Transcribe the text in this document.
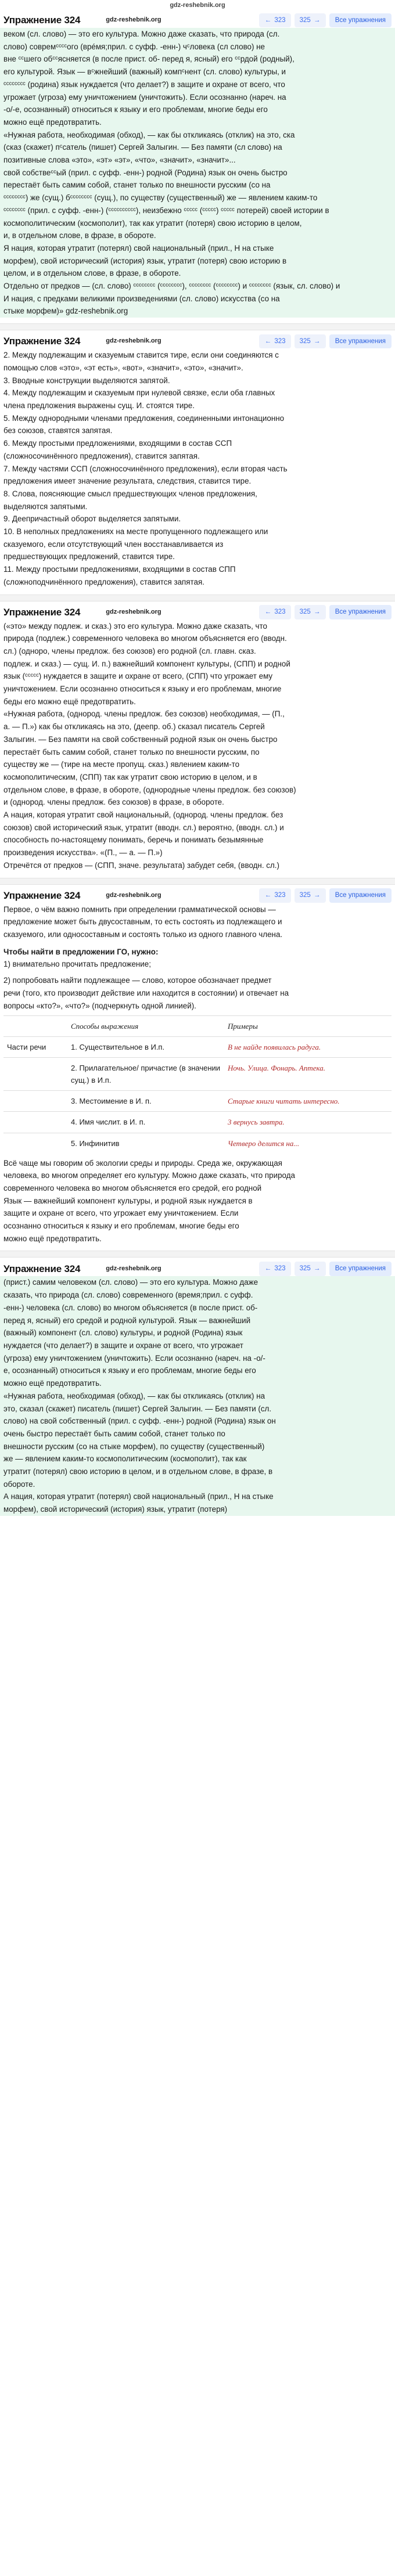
gdz-reshebnik.org
Упражнение 324	gdz-reshebnik.org	← 323 325 →	Все упражнения

веком (сл. слово) — это его культура. Можно даже сказать, что природа (сл.

слово) совремᶜᶜᶜᶜого (врéмя;прил. с суфф. -енн-) чᶜловека (сл слово) не

вне ᶜᶜшего обᶜᶜясняется (в после прист. об- перед я, ясный) его ᶜᶜрдой (родный),

его культурой. Язык — вᶜжнейший (важный) компᶜнент (сл. слово) культуры, и

ᶜᶜᶜᶜᶜᶜᶜᶜ (родина) язык нуждается (что делает?) в защите и охране от всего, что

угрожает (угроза) ему уничтожением (уничтожить). Если осознанно (нареч. на

-о/-е, осознанный) относиться к языку и его проблемам, многие беды его

можно ещё предотвратить.

«Нужная работа, необходимая (обход), — как бы откликаясь (отклик) на это, ска

(сказ (скажет) пᶜсатель (пишет) Сергей Залыгин. — Без памяти (сл слово) на

позитивные слова «это», «эт» «эт», «что», «значит», «значит»...

свой собствеᶜᶜый (прил. с суфф. -енн-) родной (Родина) язык он очень быстро

перестаёт быть самим собой, станет только по внешности русским (со на

ᶜᶜᶜᶜᶜᶜᶜᶜ) же (сущ.) бᶜᶜᶜᶜᶜᶜᶜᶜ (сущ.), по существу (существенный) же — явлением каким-то

ᶜᶜᶜᶜᶜᶜᶜᶜ (прил. с суфф. -енн-) (ᶜᶜᶜᶜᶜᶜᶜᶜᶜᶜ), неизбежно ᶜᶜᶜᶜᶜ (ᶜᶜᶜᶜᶜ) ᶜᶜᶜᶜᶜ потерей) своей истории в

космополитическим (космополит), так как утратит (потеря) свою историю в целом,

и, в отдельном слове, в фразе, в обороте.

Я нация, которая утратит (потерял) свой национальный (прил., Н на стыке

морфем), свой исторический (история) язык, утратит (потеря) свою историю в

целом, и в отдельном слове, в фразе, в обороте.

Отдельно от предков — (сл. слово) ᶜᶜᶜᶜᶜᶜᶜᶜ (ᶜᶜᶜᶜᶜᶜᶜᶜ), ᶜᶜᶜᶜᶜᶜᶜᶜ (ᶜᶜᶜᶜᶜᶜᶜᶜ) и ᶜᶜᶜᶜᶜᶜᶜᶜ (язык, сл. слово) и

И нация, с предками великими произведениями (сл. слово) искусства (со на

стыке морфем)» gdz-reshebnik.org

Упражнение 324	gdz-reshebnik.org	← 323 325 →	Все упражнения

2. Между подлежащим и сказуемым ставится тире, если они соединяются с

помощью слов «это», «эт есть», «вот», «значит», «это», «значит».

3. Вводные конструкции выделяются запятой.

4. Между подлежащим и сказуемым при нулевой связке, если оба главных

члена предложения выражены сущ. И. стоятся тире.

5. Между однородными членами предложения, соединенными интонационно

без союзов, ставятся запятая.

6. Между простыми предложениями, входящими в состав ССП

(сложносочинённого предложения), ставится запятая.

7. Между частями ССП (сложносочинённого предложения), если вторая часть

предложения имеет значение результата, следствия, ставится тире.

8. Слова, поясняющие смысл предшествующих членов предложения,

выделяются запятыми.

9. Деепричастный оборот выделяется запятыми.

10. В неполных предложениях на месте пропущенного подлежащего или

сказуемого, если отсутствующий член восстанавливается из

предшествующих предложений, ставится тире.

11. Между простыми предложениями, входящими в состав СПП

(сложноподчинённого предложения), ставится запятая.

Упражнение 324	gdz-reshebnik.org	← 323 325 →	Все упражнения

(«это» между подлеж. и сказ.) это его культура. Можно даже сказать, что

природа (подлеж.) современного человека во многом объясняется его (вводн.

сл.) (одноро, члены предлож. без союзов) его родной (сл. главн. сказ.

подлеж. и сказ.) — сущ. И. п.) важнейший компонент культуры, (СПП) и родной

язык (ᶜᶜᶜᶜᶜ) нуждается в защите и охране от всего, (СПП) что угрожает ему

уничтожением. Если осознанно относиться к языку и его проблемам, многие

беды его можно ещё предотвратить.

«Нужная работа, (однород. члены предлож. без союзов) необходимая, — (П.,

а. — П.») как бы откликаясь на это, (деепр. об.) сказал писатель Сергей

Залыгин. — Без памяти на свой собственный родной язык он очень быстро

перестаёт быть самим собой, станет только по внешности русским, по

существу же — (тире на месте пропущ. сказ.) явлением каким-то

космополитическим, (СПП) так как утратит свою историю в целом, и в

отдельном слове, в фразе, в обороте, (однородные члены предлож. без союзов)

и (однород. члены предлож. без союзов) в фразе, в обороте.

А нация, которая утратит свой национальный, (однород. члены предлож. без

союзов) свой исторический язык, утратит (вводн. сл.) вероятно, (вводн. сл.) и

способность по-настоящему понимать, беречь и понимать безымянные

произведения искусства». «(П., — а. — П.»)

Отречётся от предков — (СПП, значе. результата) забудет себя, (вводн. сл.)

Упражнение 324	gdz-reshebnik.org	← 323 325 →	Все упражнения

Первое, о чём важно помнить при определении грамматической основы —

предложение может быть двусоставным, то есть состоять из подлежащего и

сказуемого, или односоставным и состоять только из одного главного члена.

Чтобы найти в предложении ГО, нужно:

1) внимательно прочитать предложение;

2) попробовать найти подлежащее — слово, которое обозначает предмет

речи (того, кто производит действие или находится в состоянии) и отвечает на

вопросы «кто?», «что?» (подчеркнуть одной линией).

	Способы выражения	Примеры
Части речи	1. Существительное в И.п.	В не найде появилась радуга.
	2. Прилагательное/ причастие (в значении сущ.) в И.п.	Ночь. Улица. Фонарь. Аптека.
	3. Местоимение в И. п.	Старые книги читать интересно.
	4. Имя числит. в И. п.	3 вернусь завтра.
	5. Инфинитив	Четверо делится на...

Всё чаще мы говорим об экологии среды и природы. Среда же, окружающая

человека, во многом определяет его культуру. Можно даже сказать, что природа

современного человека во многом объясняется его средой, его родной

Язык — важнейший компонент культуры, и родной язык нуждается в

защите и охране от всего, что угрожает ему уничтожением. Если

осознанно относиться к языку и его проблемам, многие беды его

можно ещё предотвратить.

Упражнение 324	gdz-reshebnik.org	← 323 325 →	Все упражнения

(прист.) самим человеком (сл. слово) — это его культура. Можно даже

сказать, что природа (сл. слово) современного (время;прил. с суфф.

-енн-) человека (сл. слово) во многом объясняется (в после прист. об-

перед я, ясный) его средой и родной культурой. Язык — важнейший

(важный) компонент (сл. слово) культуры, и родной (Родина) язык

нуждается (что делает?) в защите и охране от всего, что угрожает

(угроза) ему уничтожением (уничтожить). Если осознанно (нареч. на -о/-

е, осознанный) относиться к языку и его проблемам, многие беды его

можно ещё предотвратить.

«Нужная работа, необходимая (обход), — как бы откликаясь (отклик) на

это, сказал (скажет) писатель (пишет) Сергей Залыгин. — Без памяти (сл.

слово) на свой собственный (прил. с суфф. -енн-) родной (Родина) язык он

очень быстро перестаёт быть самим собой, станет только по

внешности русским (со на стыке морфем), по существу (существенный)

же — явлением каким-то космополитическим (космополит), так как

утратит (потерял) свою историю в целом, и в отдельном слове, в фразе, в

обороте.

А нация, которая утратит (потерял) свой национальный (прил., Н на стыке

морфем), свой исторический (история) язык, утратит (потеря)
